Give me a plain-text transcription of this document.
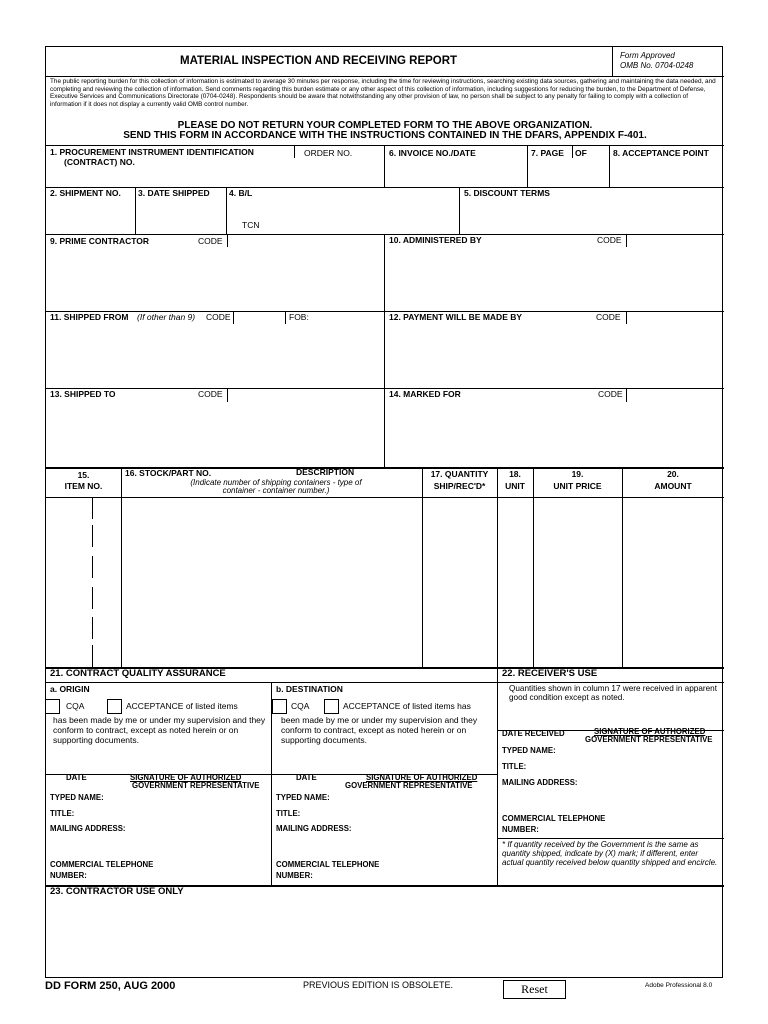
MATERIAL INSPECTION AND RECEIVING REPORT	Form Approved
OMB No. 0704-0248
The public reporting burden for this collection of information is estimated to average 30 minutes per response, including the time for reviewing instructions, searching existing data sources, gathering and maintaining the data needed, and completing and reviewing the collection of information. Send comments regarding this burden estimate or any other aspect of this collection of information, including suggestions for reducing the burden, to the Department of Defense, Executive Services and Communications Directorate (0704-0248). Respondents should be aware that notwithstanding any other provision of law, no person shall be subject to any penalty for failing to comply with a collection of information if it does not display a currently valid OMB control number.
PLEASE DO NOT RETURN YOUR COMPLETED FORM TO THE ABOVE ORGANIZATION.
SEND THIS FORM IN ACCORDANCE WITH THE INSTRUCTIONS CONTAINED IN THE DFARS, APPENDIX F-401.
1. PROCUREMENT INSTRUMENT IDENTIFICATION
(CONTRACT) NO.
ORDER NO.	6. INVOICE NO./DATE	7. PAGE OF	8. ACCEPTANCE POINT
2. SHIPMENT NO. 3. DATE SHIPPED 4. B/L
TCN
5. DISCOUNT TERMS
9. PRIME CONTRACTOR	CODE	10. ADMINISTERED BY	CODE
11. SHIPPED FROM (If other than 9) CODE	FOB:	12. PAYMENT WILL BE MADE BY	CODE
13. SHIPPED TO	CODE	14. MARKED FOR	CODE
15.
ITEM NO.
16. STOCK/PART NO.	DESCRIPTION
(Indicate number of shipping containers - type of
container - container number.)
17. QUANTITY
SHIP/REC'D*
18.
UNIT
19.
UNIT PRICE
20.
AMOUNT
21. CONTRACT QUALITY ASSURANCE
a. ORIGIN
CQA	ACCEPTANCE of listed items
has been made by me or under my supervision and they conform to contract, except as noted herein or on supporting documents.
DATE	SIGNATURE OF AUTHORIZED
GOVERNMENT REPRESENTATIVE
TYPED NAME:
TITLE:
MAILING ADDRESS:
COMMERCIAL TELEPHONE
NUMBER:
b. DESTINATION
CQA	ACCEPTANCE of listed items has
been made by me or under my supervision and they conform to contract, except as noted herein or on supporting documents.
DATE	SIGNATURE OF AUTHORIZED
GOVERNMENT REPRESENTATIVE
TYPED NAME:
TITLE:
MAILING ADDRESS:
COMMERCIAL TELEPHONE
NUMBER:
22. RECEIVER'S USE
Quantities shown in column 17 were received in apparent good condition except as noted.
DATE RECEIVED	SIGNATURE OF AUTHORIZED
GOVERNMENT REPRESENTATIVE
TYPED NAME:
TITLE:
MAILING ADDRESS:
COMMERCIAL TELEPHONE
NUMBER:
* If quantity received by the Government is the same as quantity shipped, indicate by (X) mark; if different, enter actual quantity received below quantity shipped and encircle.
23. CONTRACTOR USE ONLY
DD FORM 250, AUG 2000	PREVIOUS EDITION IS OBSOLETE.	Reset	Adobe Professional 8.0
